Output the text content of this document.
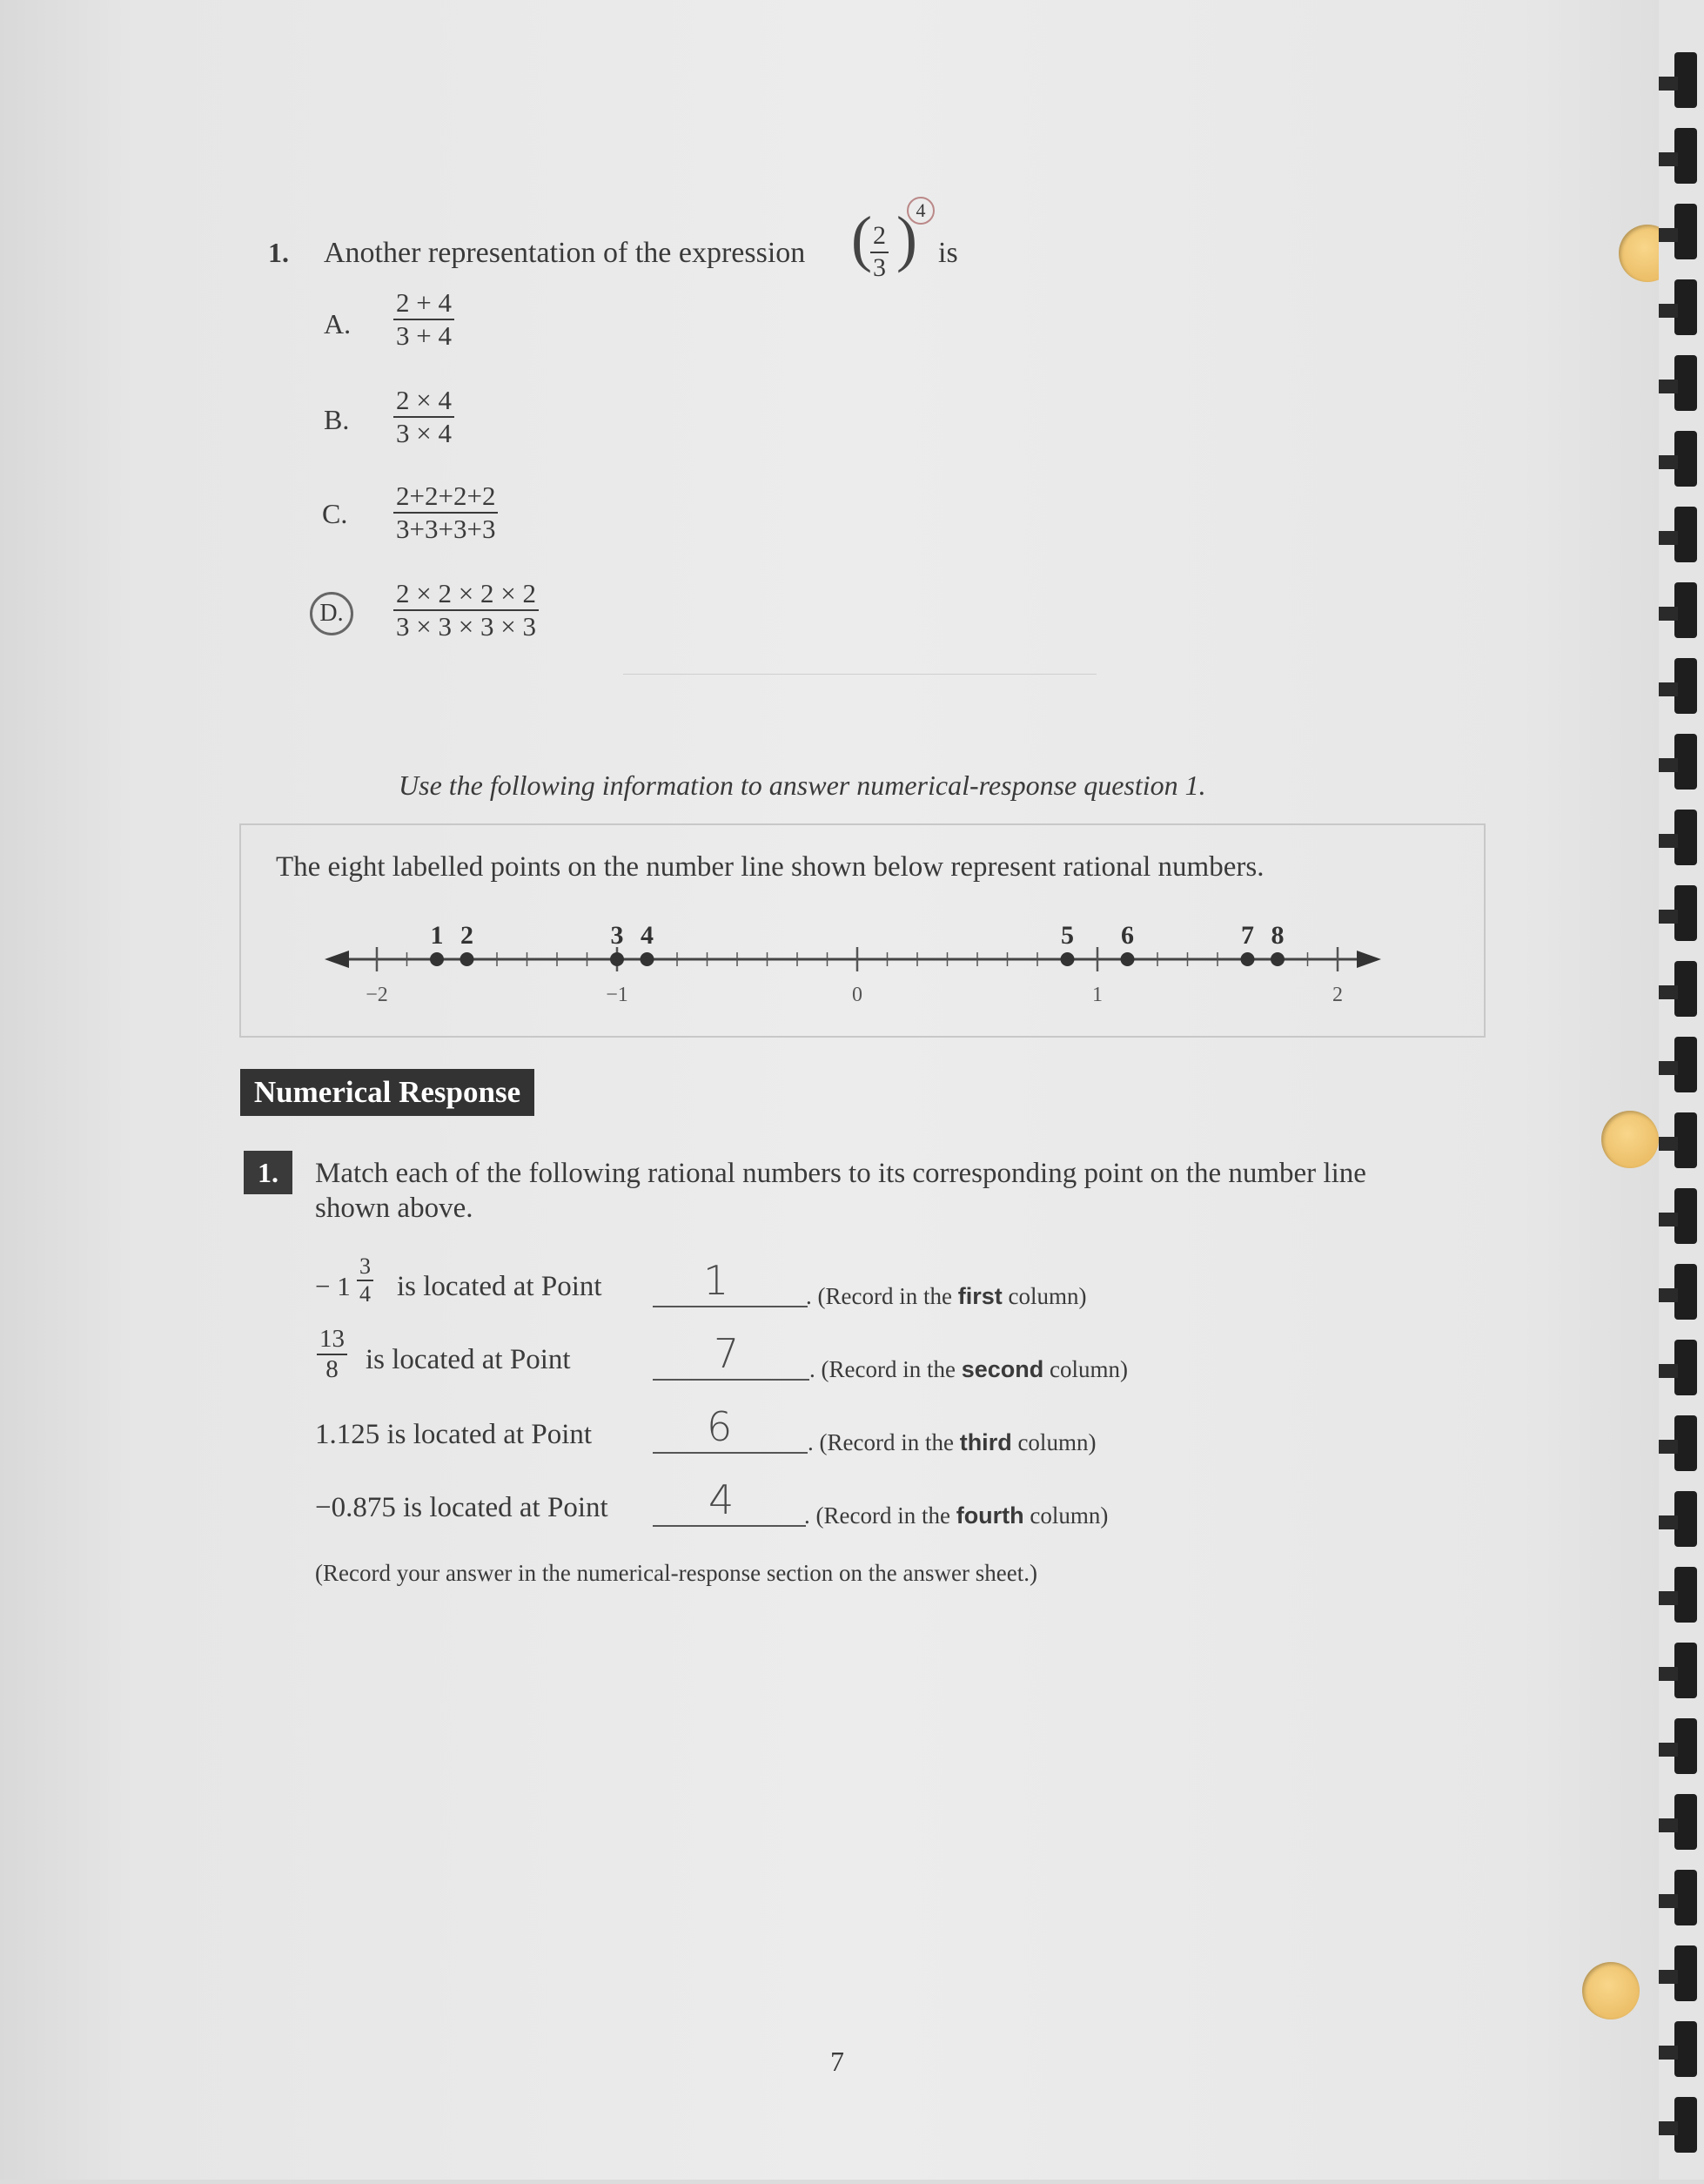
1. Another representation of the expression (
$\frac{2}{3}$ )
4
is
A. $\frac{2 + 4}{3 + 4}$
B. $\frac{2 \times 4}{3 \times 4}$
C. $\frac{2+2+2+2}{3+3+3+3}$
D.	$\frac{2 \times 2 \times 2 \times 2}{3 \times 3 \times 3 \times 3}$
Use the following information to answer numerical-response question 1.
The eight labelled points on the number line shown below represent rational numbers.
−2	−1	0	1	2
1 2	3 4	5 6	7 8
Numerical Response
1.	Match each of the following rational numbers to its corresponding point on the number line
shown above.
− $1 \frac{3}{4}$ is located at Point	1	. (Record in the first column)
$\frac{13}{8}$ is located at Point	7	. (Record in the second column)
1.125 is located at Point	6	. (Record in the third column)
−0.875 is located at Point	4	. (Record in the fourth column)
(Record your answer in the numerical-response section on the answer sheet.)
7
